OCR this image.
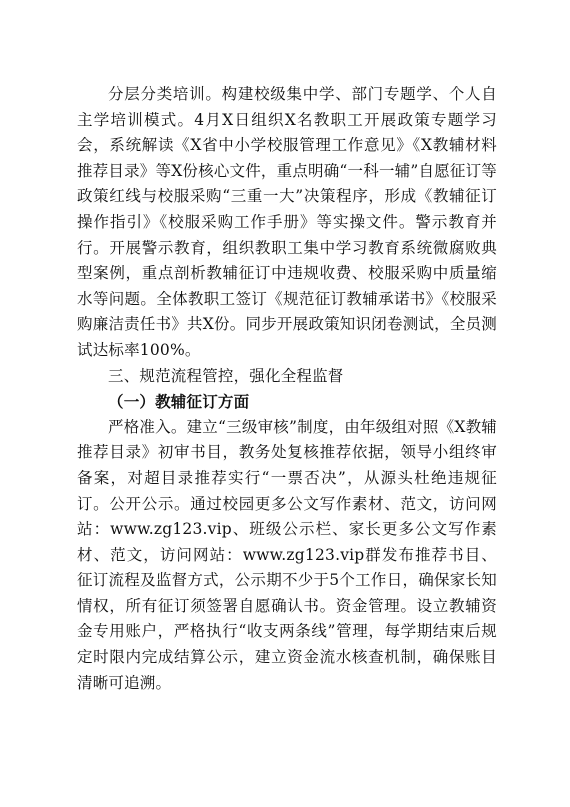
分层分类培训。构建校级集中学、部门专题学、个人自主学培训模式。4月X日组织X名教职工开展政策专题学习会，系统解读《X省中小学校服管理工作意见》《X教辅材料推荐目录》等X份核心文件，重点明确“一科一辅”自愿征订等政策红线与校服采购“三重一大”决策程序，形成《教辅征订操作指引》《校服采购工作手册》等实操文件。警示教育并行。开展警示教育，组织教职工集中学习教育系统微腐败典型案例，重点剖析教辅征订中违规收费、校服采购中质量缩水等问题。全体教职工签订《规范征订教辅承诺书》《校服采购廉洁责任书》共X份。同步开展政策知识闭卷测试，全员测试达标率100%。

三、规范流程管控，强化全程监督

（一）教辅征订方面

严格准入。建立“三级审核”制度，由年级组对照《X教辅推荐目录》初审书目，教务处复核推荐依据，领导小组终审备案，对超目录推荐实行“一票否决”，从源头杜绝违规征订。公开公示。通过校园更多公文写作素材、范文，访问网站：www.zg123.vip、班级公示栏、家长更多公文写作素材、范文，访问网站：www.zg123.vip群发布推荐书目、征订流程及监督方式，公示期不少于5个工作日，确保家长知情权，所有征订须签署自愿确认书。资金管理。设立教辅资金专用账户，严格执行“收支两条线”管理，每学期结束后规定时限内完成结算公示，建立资金流水核查机制，确保账目清晰可追溯。
